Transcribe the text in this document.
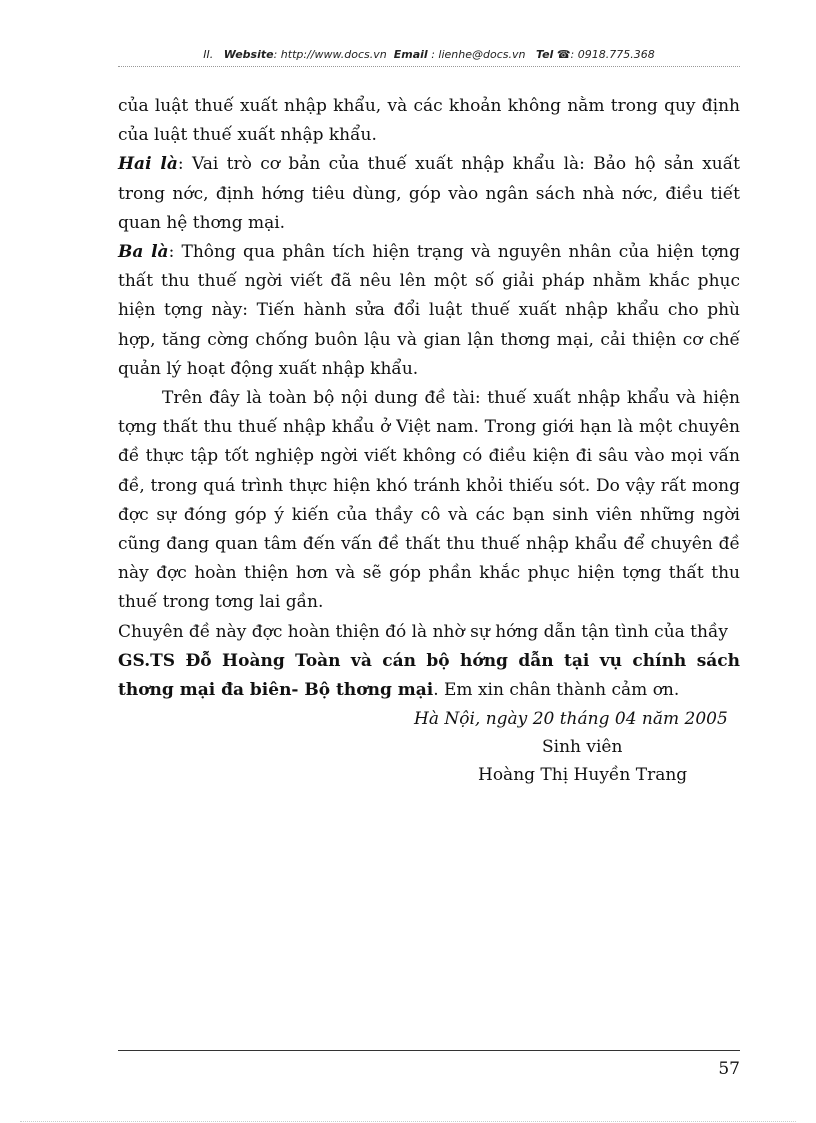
II. Website: http://www.docs.vn Email : lienhe@docs.vn Tel ☎: 0918.775.368

của luật thuế xuất nhập khẩu, và các khoản không nằm trong quy định của luật thuế xuất nhập khẩu.

Hai là: Vai trò cơ bản của thuế xuất nhập khẩu là: Bảo hộ sản xuất trong nớc, định hớng tiêu dùng, góp vào ngân sách nhà nớc, điều tiết quan hệ thơng mại.

Ba là: Thông qua phân tích hiện trạng và nguyên nhân của hiện tợng thất thu thuế ngời viết đã nêu lên một số giải pháp nhằm khắc phục hiện tợng này: Tiến hành sửa đổi luật thuế xuất nhập khẩu cho phù hợp, tăng cờng chống buôn lậu và gian lận thơng mại, cải thiện cơ chế quản lý hoạt động xuất nhập khẩu.

Trên đây là toàn bộ nội dung đề tài: thuế xuất nhập khẩu và hiện tợng thất thu thuế nhập khẩu ở Việt nam. Trong giới hạn là một chuyên đề thực tập tốt nghiệp ngời viết không có điều kiện đi sâu vào mọi vấn đề, trong quá trình thực hiện khó tránh khỏi thiếu sót. Do vậy rất mong đợc sự đóng góp ý kiến của thầy cô và các bạn sinh viên những ngời cũng đang quan tâm đến vấn đề thất thu thuế nhập khẩu để chuyên đề này đợc hoàn thiện hơn và sẽ góp phần khắc phục hiện tợng thất thu thuế trong tơng lai gần.

Chuyên đề này đợc hoàn thiện đó là nhờ sự hớng dẫn tận tình của thầy

GS.TS Đỗ Hoàng Toàn và cán bộ hớng dẫn tại vụ chính sách thơng mại đa biên- Bộ thơng mại. Em xin chân thành cảm ơn.

Hà Nội, ngày 20 tháng 04 năm 2005

Sinh viên

Hoàng Thị Huyền Trang

57
